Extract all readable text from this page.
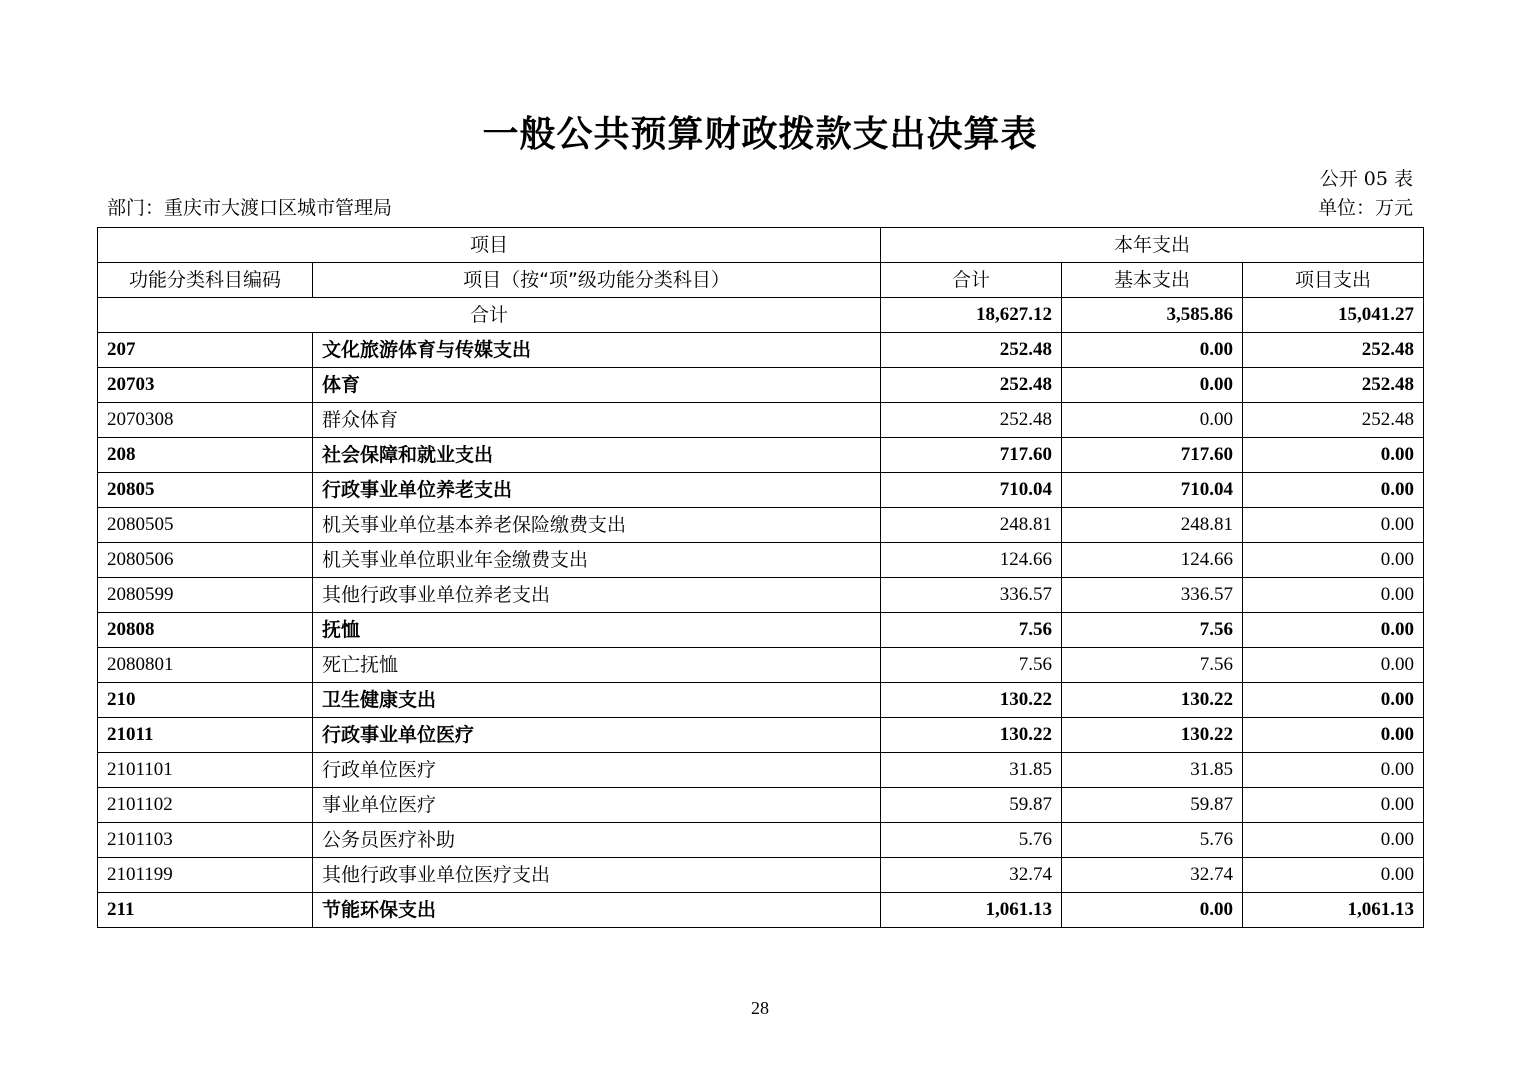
一般公共预算财政拨款支出决算表
公开 05 表
部门：重庆市大渡口区城市管理局	单位：万元
项目		本年支出		
功能分类科目编码	项目（按“项”级功能分类科目）	合计	基本支出	项目支出
合计		18,627.12	3,585.86	15,041.27
207	文化旅游体育与传媒支出	252.48	0.00	252.48
20703	体育	252.48	0.00	252.48
2070308	群众体育	252.48	0.00	252.48
208	社会保障和就业支出	717.60	717.60	0.00
20805	行政事业单位养老支出	710.04	710.04	0.00
2080505	机关事业单位基本养老保险缴费支出	248.81	248.81	0.00
2080506	机关事业单位职业年金缴费支出	124.66	124.66	0.00
2080599	其他行政事业单位养老支出	336.57	336.57	0.00
20808	抚恤	7.56	7.56	0.00
2080801	死亡抚恤	7.56	7.56	0.00
210	卫生健康支出	130.22	130.22	0.00
21011	行政事业单位医疗	130.22	130.22	0.00
2101101	行政单位医疗	31.85	31.85	0.00
2101102	事业单位医疗	59.87	59.87	0.00
2101103	公务员医疗补助	5.76	5.76	0.00
2101199	其他行政事业单位医疗支出	32.74	32.74	0.00
211	节能环保支出	1,061.13	0.00	1,061.13
28
